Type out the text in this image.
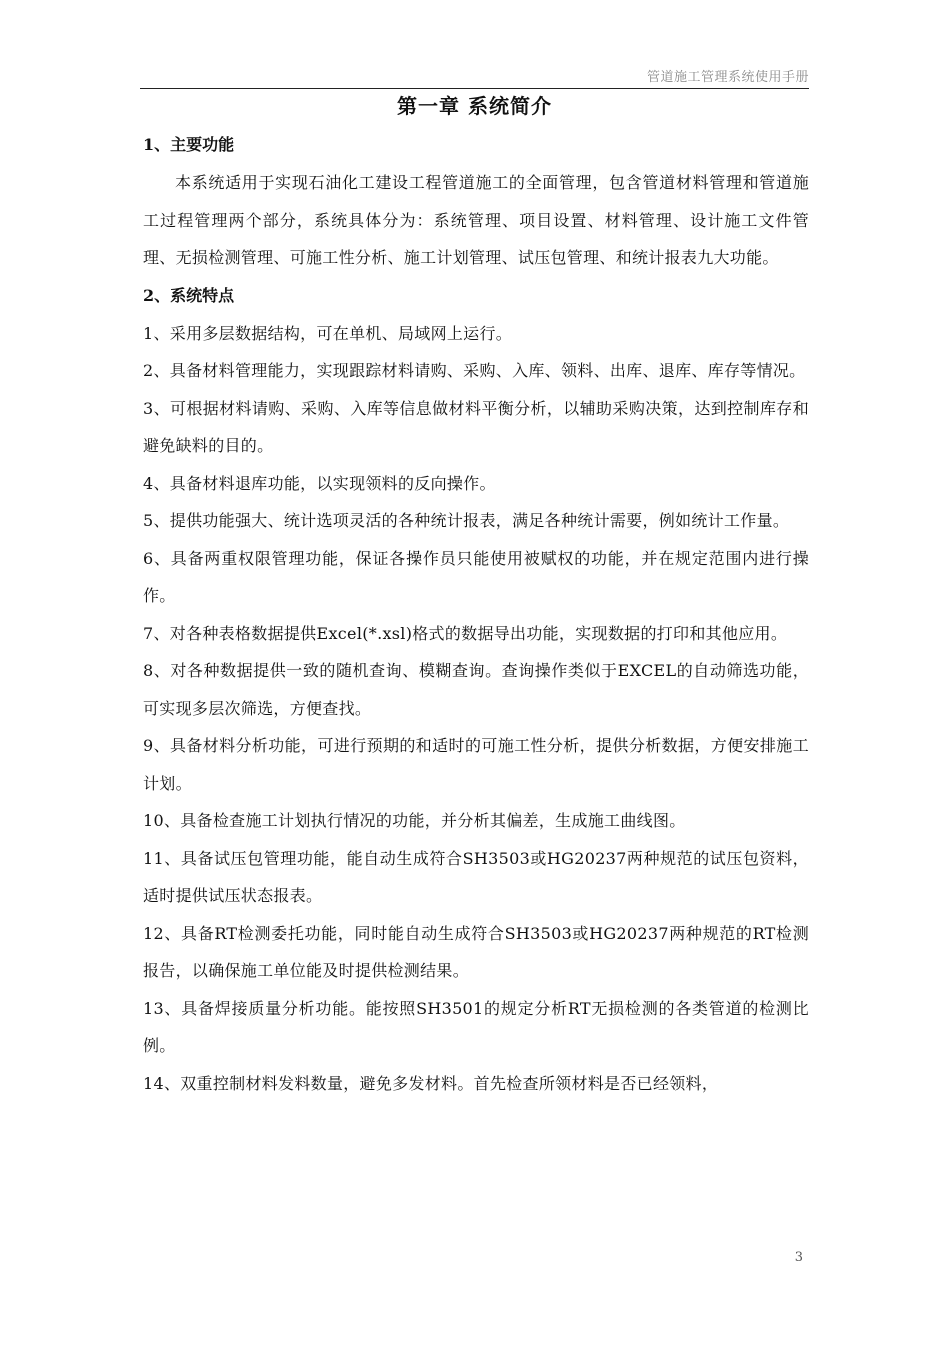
管道施工管理系统使用手册
第一章 系统简介
1、主要功能

本系统适用于实现石油化工建设工程管道施工的全面管理，包含管道材料管理和管道施工过程管理两个部分，系统具体分为：系统管理、项目设置、材料管理、设计施工文件管理、无损检测管理、可施工性分析、施工计划管理、试压包管理、和统计报表九大功能。

2、系统特点

1、采用多层数据结构，可在单机、局域网上运行。

2、具备材料管理能力，实现跟踪材料请购、采购、入库、领料、出库、退库、库存等情况。

3、可根据材料请购、采购、入库等信息做材料平衡分析，以辅助采购决策，达到控制库存和避免缺料的目的。

4、具备材料退库功能，以实现领料的反向操作。

5、提供功能强大、统计选项灵活的各种统计报表，满足各种统计需要，例如统计工作量。

6、具备两重权限管理功能，保证各操作员只能使用被赋权的功能，并在规定范围内进行操作。

7、对各种表格数据提供Excel(*.xsl)格式的数据导出功能，实现数据的打印和其他应用。

8、对各种数据提供一致的随机查询、模糊查询。查询操作类似于EXCEL的自动筛选功能，可实现多层次筛选，方便查找。

9、具备材料分析功能，可进行预期的和适时的可施工性分析，提供分析数据，方便安排施工计划。

10、具备检查施工计划执行情况的功能，并分析其偏差，生成施工曲线图。

11、具备试压包管理功能，能自动生成符合SH3503或HG20237两种规范的试压包资料，适时提供试压状态报表。

12、具备RT检测委托功能，同时能自动生成符合SH3503或HG20237两种规范的RT检测报告，以确保施工单位能及时提供检测结果。

13、具备焊接质量分析功能。能按照SH3501的规定分析RT无损检测的各类管道的检测比例。

14、双重控制材料发料数量，避免多发材料。首先检查所领材料是否已经领料，

3
